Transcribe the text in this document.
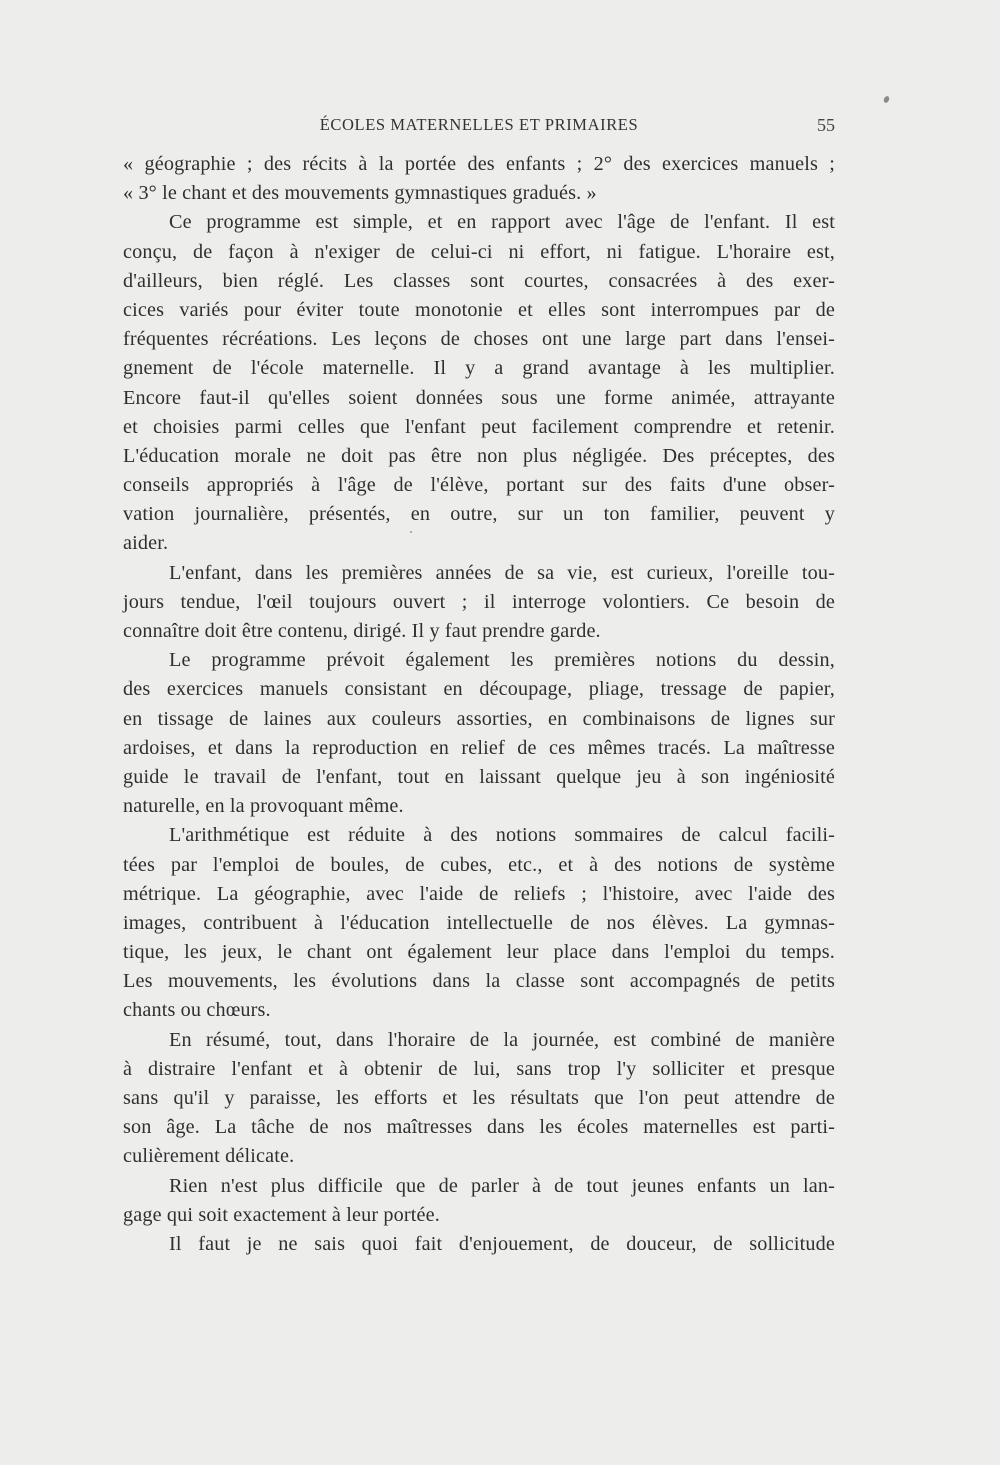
ÉCOLES MATERNELLES ET PRIMAIRES	55
« géographie ; des récits à la portée des enfants ; 2° des exercices manuels ;
« 3° le chant et des mouvements gymnastiques gradués. »
Ce programme est simple, et en rapport avec l'âge de l'enfant. Il est
conçu, de façon à n'exiger de celui-ci ni effort, ni fatigue. L'horaire est,
d'ailleurs, bien réglé. Les classes sont courtes, consacrées à des exer-
cices variés pour éviter toute monotonie et elles sont interrompues par de
fréquentes récréations. Les leçons de choses ont une large part dans l'ensei-
gnement de l'école maternelle. Il y a grand avantage à les multiplier.
Encore faut-il qu'elles soient données sous une forme animée, attrayante
et choisies parmi celles que l'enfant peut facilement comprendre et retenir.
L'éducation morale ne doit pas être non plus négligée. Des préceptes, des
conseils appropriés à l'âge de l'élève, portant sur des faits d'une obser-
vation journalière, présentés, en outre, sur un ton familier, peuvent y
aider.
L'enfant, dans les premières années de sa vie, est curieux, l'oreille tou-
jours tendue, l'œil toujours ouvert ; il interroge volontiers. Ce besoin de
connaître doit être contenu, dirigé. Il y faut prendre garde.
Le programme prévoit également les premières notions du dessin,
des exercices manuels consistant en découpage, pliage, tressage de papier,
en tissage de laines aux couleurs assorties, en combinaisons de lignes sur
ardoises, et dans la reproduction en relief de ces mêmes tracés. La maîtresse
guide le travail de l'enfant, tout en laissant quelque jeu à son ingéniosité
naturelle, en la provoquant même.
L'arithmétique est réduite à des notions sommaires de calcul facili-
tées par l'emploi de boules, de cubes, etc., et à des notions de système
métrique. La géographie, avec l'aide de reliefs ; l'histoire, avec l'aide des
images, contribuent à l'éducation intellectuelle de nos élèves. La gymnas-
tique, les jeux, le chant ont également leur place dans l'emploi du temps.
Les mouvements, les évolutions dans la classe sont accompagnés de petits
chants ou chœurs.
En résumé, tout, dans l'horaire de la journée, est combiné de manière
à distraire l'enfant et à obtenir de lui, sans trop l'y solliciter et presque
sans qu'il y paraisse, les efforts et les résultats que l'on peut attendre de
son âge. La tâche de nos maîtresses dans les écoles maternelles est parti-
culièrement délicate.
Rien n'est plus difficile que de parler à de tout jeunes enfants un lan-
gage qui soit exactement à leur portée.
Il faut je ne sais quoi fait d'enjouement, de douceur, de sollicitude
